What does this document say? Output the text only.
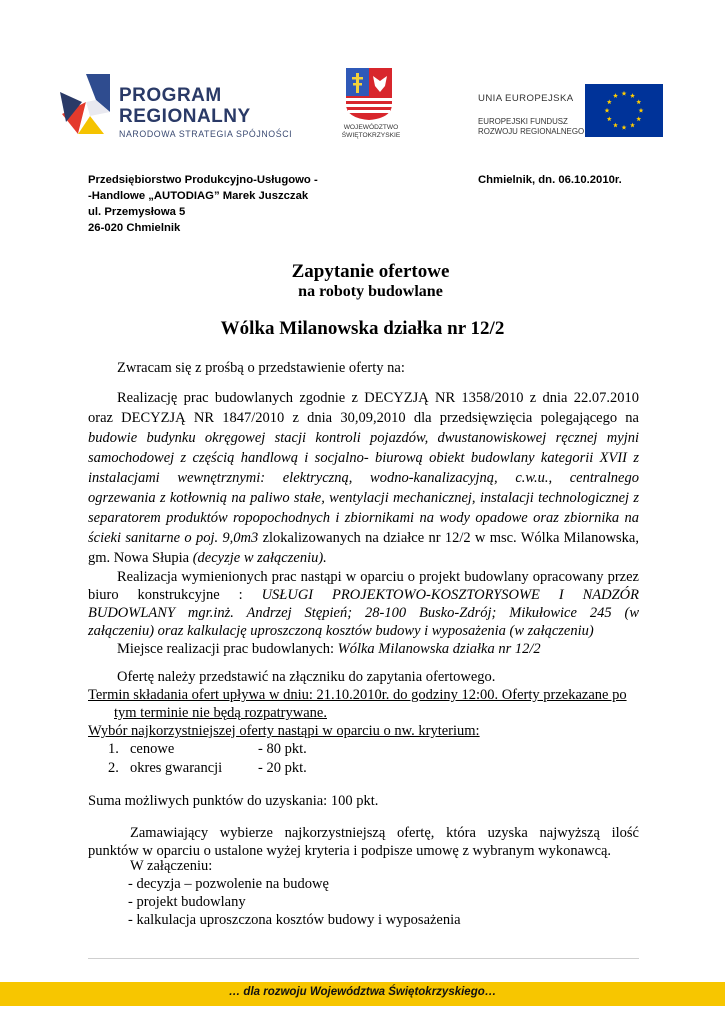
PROGRAM
REGIONALNY
NARODOWA STRATEGIA SPÓJNOŚCI
WOJEWÓDZTWO
ŚWIĘTOKRZYSKIE
UNIA EUROPEJSKA
EUROPEJSKI FUNDUSZ
ROZWOJU REGIONALNEGO
Przedsiębiorstwo Produkcyjno-Usługowo -
-Handlowe „AUTODIAG” Marek Juszczak
ul. Przemysłowa 5
26-020 Chmielnik
Chmielnik, dn. 06.10.2010r.
Zapytanie ofertowe
na roboty budowlane
Wólka Milanowska działka nr 12/2
Zwracam się z prośbą o przedstawienie oferty na:
Realizację prac budowlanych zgodnie z DECYZJĄ NR 1358/2010 z dnia 22.07.2010
oraz DECYZJĄ NR 1847/2010 z dnia 30,09,2010 dla przedsięwzięcia polegającego na
budowie budynku okręgowej stacji kontroli pojazdów, dwustanowiskowej ręcznej myjni
samochodowej z częścią handlową i socjalno- biurową obiekt budowlany kategorii XVII z
instalacjami wewnętrznymi: elektryczną, wodno-kanalizacyjną, c.w.u., centralnego
ogrzewania z kotłownią na paliwo stałe, wentylacji mechanicznej, instalacji technologicznej z
separatorem produktów ropopochodnych i zbiornikami na wody opadowe oraz zbiornika na
ścieki sanitarne o poj. 9,0m3 zlokalizowanych na działce nr 12/2 w msc. Wólka Milanowska,
gm. Nowa Słupia (decyzje w załączeniu).
Realizacja wymienionych prac nastąpi w oparciu o projekt budowlany opracowany przez
biuro konstrukcyjne : USŁUGI PROJEKTOWO-KOSZTORYSOWE I NADZÓR
BUDOWLANY mgr.inż. Andrzej Stępień; 28-100 Busko-Zdrój; Mikułowice 245 (w
załączeniu) oraz kalkulację uproszczoną kosztów budowy i wyposażenia (w załączeniu)
Miejsce realizacji prac budowlanych: Wólka Milanowska działka nr 12/2
Ofertę należy przedstawić na złączniku do zapytania ofertowego.
Termin składania ofert upływa w dniu: 21.10.2010r. do godziny 12:00. Oferty przekazane po
tym terminie nie będą rozpatrywane.
Wybór najkorzystniejszej oferty nastąpi w oparciu o nw. kryterium:
1. cenowe	- 80 pkt.
2. okres gwarancji - 20 pkt.
Suma możliwych punktów do uzyskania: 100 pkt.
Zamawiający wybierze najkorzystniejszą ofertę, która uzyska najwyższą ilość
punktów w oparciu o ustalone wyżej kryteria i podpisze umowę z wybranym wykonawcą.
W załączeniu:
- decyzja – pozwolenie na budowę
- projekt budowlany
- kalkulacja uproszczona kosztów budowy i wyposażenia
… dla rozwoju Województwa Świętokrzyskiego…
